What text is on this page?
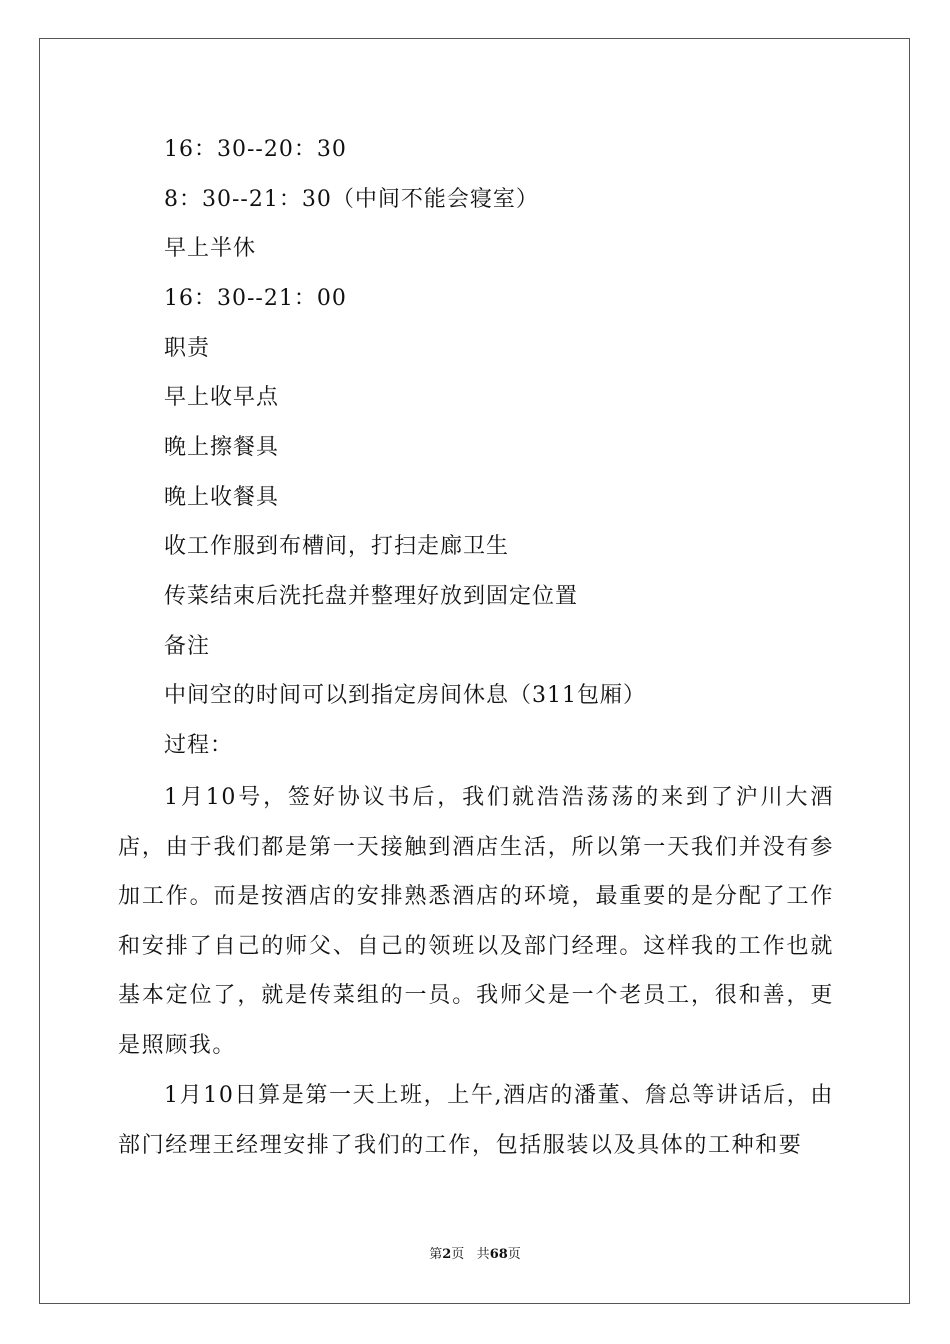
16：30--20：30
8：30--21：30（中间不能会寝室）
早上半休
16：30--21：00
职责
早上收早点
晚上擦餐具
晚上收餐具
收工作服到布槽间，打扫走廊卫生
传菜结束后洗托盘并整理好放到固定位置
备注
中间空的时间可以到指定房间休息（311包厢）
过程：

1月10号，签好协议书后，我们就浩浩荡荡的来到了沪川大酒店，由于我们都是第一天接触到酒店生活，所以第一天我们并没有参加工作。而是按酒店的安排熟悉酒店的环境，最重要的是分配了工作和安排了自己的师父、自己的领班以及部门经理。这样我的工作也就基本定位了，就是传菜组的一员。我师父是一个老员工，很和善，更是照顾我。

1月10日算是第一天上班，上午,酒店的潘董、詹总等讲话后，由部门经理王经理安排了我们的工作，包括服装以及具体的工种和要

第2页 共68页
